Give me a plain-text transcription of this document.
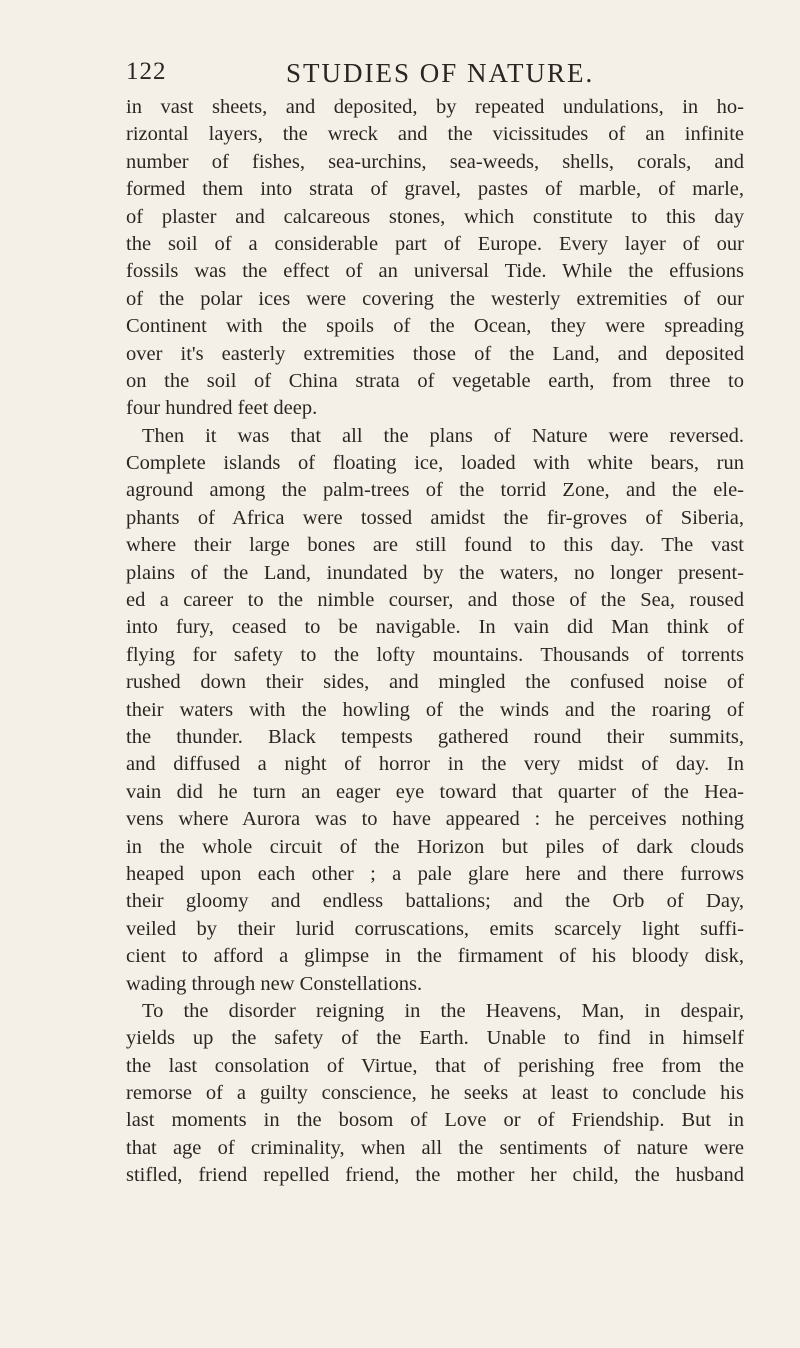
122	STUDIES OF NATURE.
in vast sheets, and deposited, by repeated undulations, in ho-
rizontal layers, the wreck and the vicissitudes of an infinite
number of fishes, sea-urchins, sea-weeds, shells, corals, and
formed them into strata of gravel, pastes of marble, of marle,
of plaster and calcareous stones, which constitute to this day
the soil of a considerable part of Europe. Every layer of our
fossils was the effect of an universal Tide. While the effusions
of the polar ices were covering the westerly extremities of our
Continent with the spoils of the Ocean, they were spreading
over it's easterly extremities those of the Land, and deposited
on the soil of China strata of vegetable earth, from three to
four hundred feet deep.
Then it was that all the plans of Nature were reversed.
Complete islands of floating ice, loaded with white bears, run
aground among the palm-trees of the torrid Zone, and the ele-
phants of Africa were tossed amidst the fir-groves of Siberia,
where their large bones are still found to this day. The vast
plains of the Land, inundated by the waters, no longer present-
ed a career to the nimble courser, and those of the Sea, roused
into fury, ceased to be navigable. In vain did Man think of
flying for safety to the lofty mountains. Thousands of torrents
rushed down their sides, and mingled the confused noise of
their waters with the howling of the winds and the roaring of
the thunder. Black tempests gathered round their summits,
and diffused a night of horror in the very midst of day. In
vain did he turn an eager eye toward that quarter of the Hea-
vens where Aurora was to have appeared : he perceives nothing
in the whole circuit of the Horizon but piles of dark clouds
heaped upon each other ; a pale glare here and there furrows
their gloomy and endless battalions; and the Orb of Day,
veiled by their lurid corruscations, emits scarcely light suffi-
cient to afford a glimpse in the firmament of his bloody disk,
wading through new Constellations.
To the disorder reigning in the Heavens, Man, in despair,
yields up the safety of the Earth. Unable to find in himself
the last consolation of Virtue, that of perishing free from the
remorse of a guilty conscience, he seeks at least to conclude his
last moments in the bosom of Love or of Friendship. But in
that age of criminality, when all the sentiments of nature were
stifled, friend repelled friend, the mother her child, the husband
